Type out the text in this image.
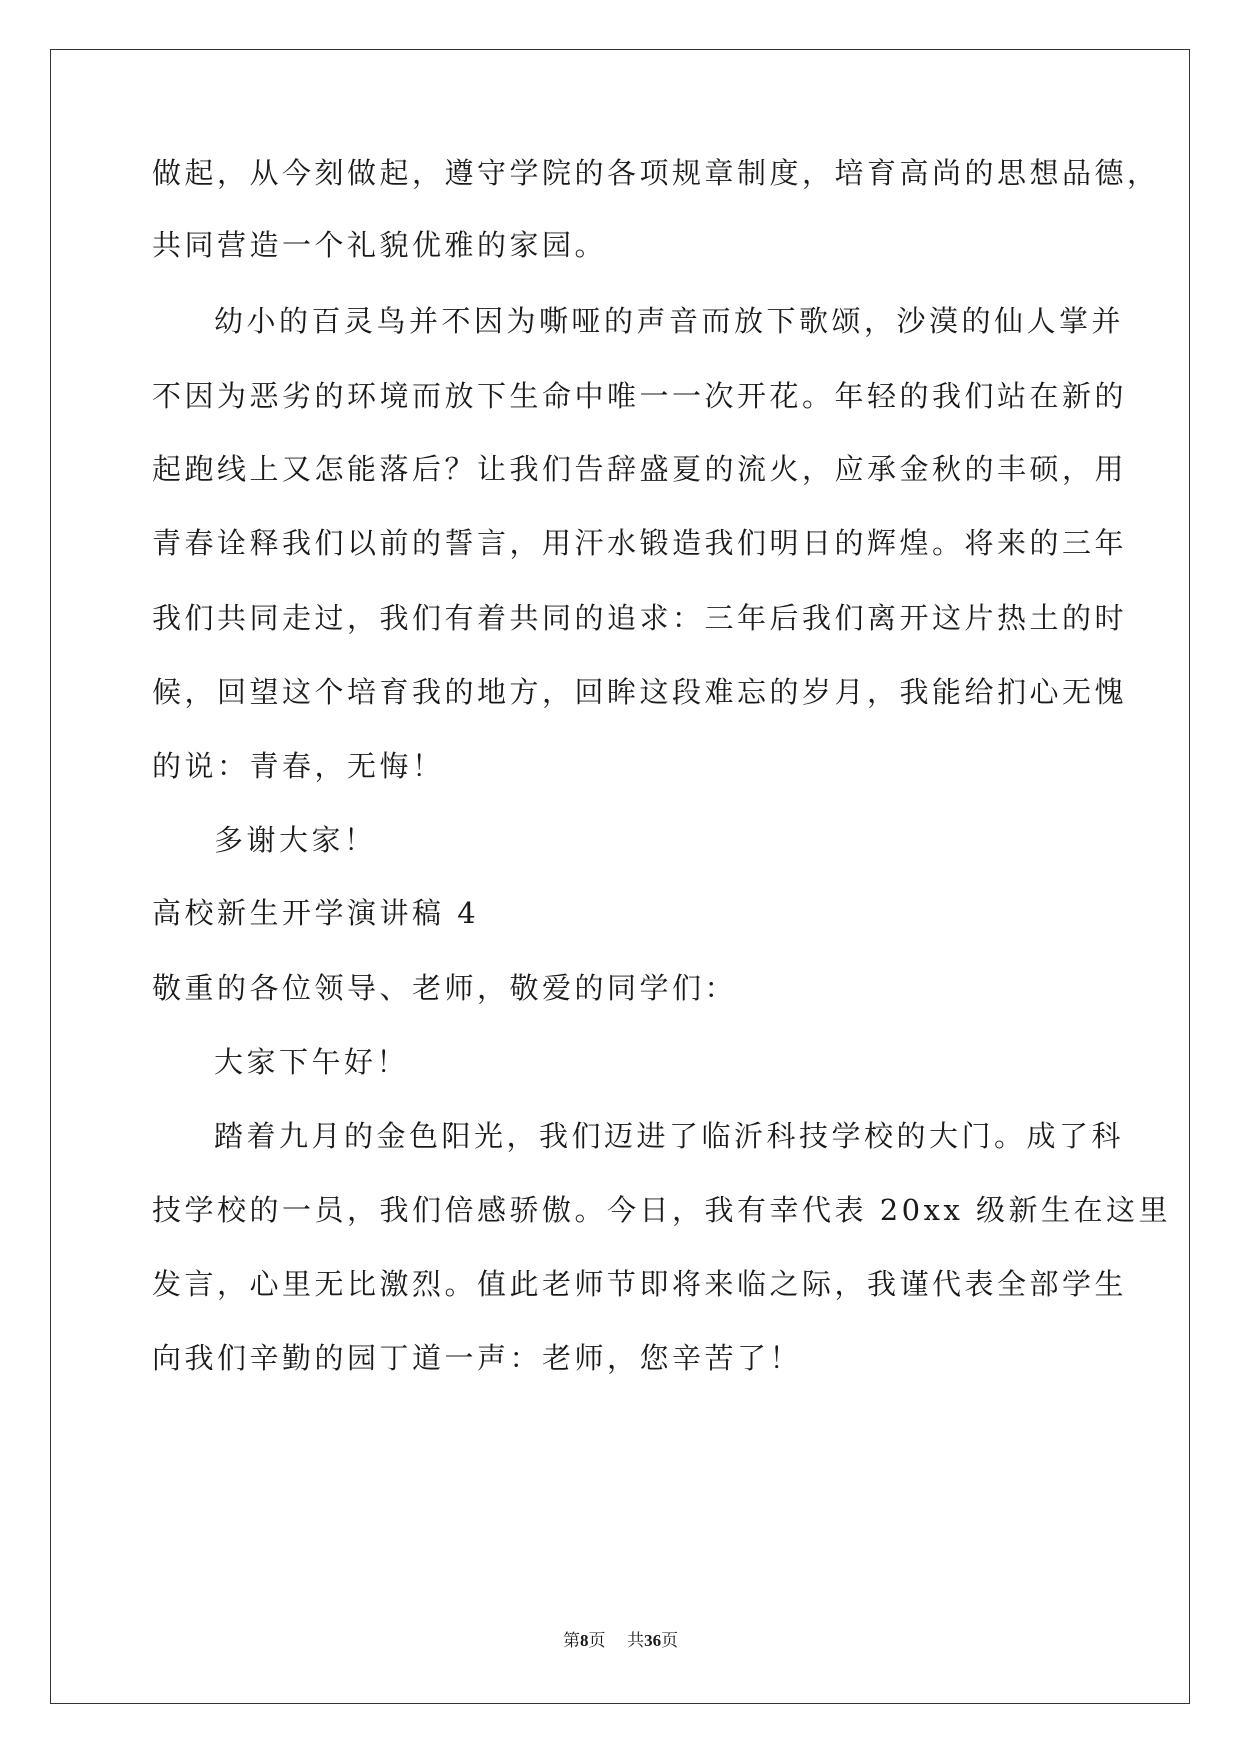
做起，从今刻做起，遵守学院的各项规章制度，培育高尚的思想品德，
共同营造一个礼貌优雅的家园。
幼小的百灵鸟并不因为嘶哑的声音而放下歌颂，沙漠的仙人掌并
不因为恶劣的环境而放下生命中唯一一次开花。年轻的我们站在新的
起跑线上又怎能落后？让我们告辞盛夏的流火，应承金秋的丰硕，用
青春诠释我们以前的誓言，用汗水锻造我们明日的辉煌。将来的三年
我们共同走过，我们有着共同的追求：三年后我们离开这片热土的时
候，回望这个培育我的地方，回眸这段难忘的岁月，我能给扪心无愧
的说：青春，无悔！
多谢大家！
高校新生开学演讲稿 4
敬重的各位领导、老师，敬爱的同学们：
大家下午好！
踏着九月的金色阳光，我们迈进了临沂科技学校的大门。成了科
技学校的一员，我们倍感骄傲。今日，我有幸代表 20xx 级新生在这里
发言，心里无比激烈。值此老师节即将来临之际，我谨代表全部学生
向我们辛勤的园丁道一声：老师，您辛苦了！
第8页 共36页
